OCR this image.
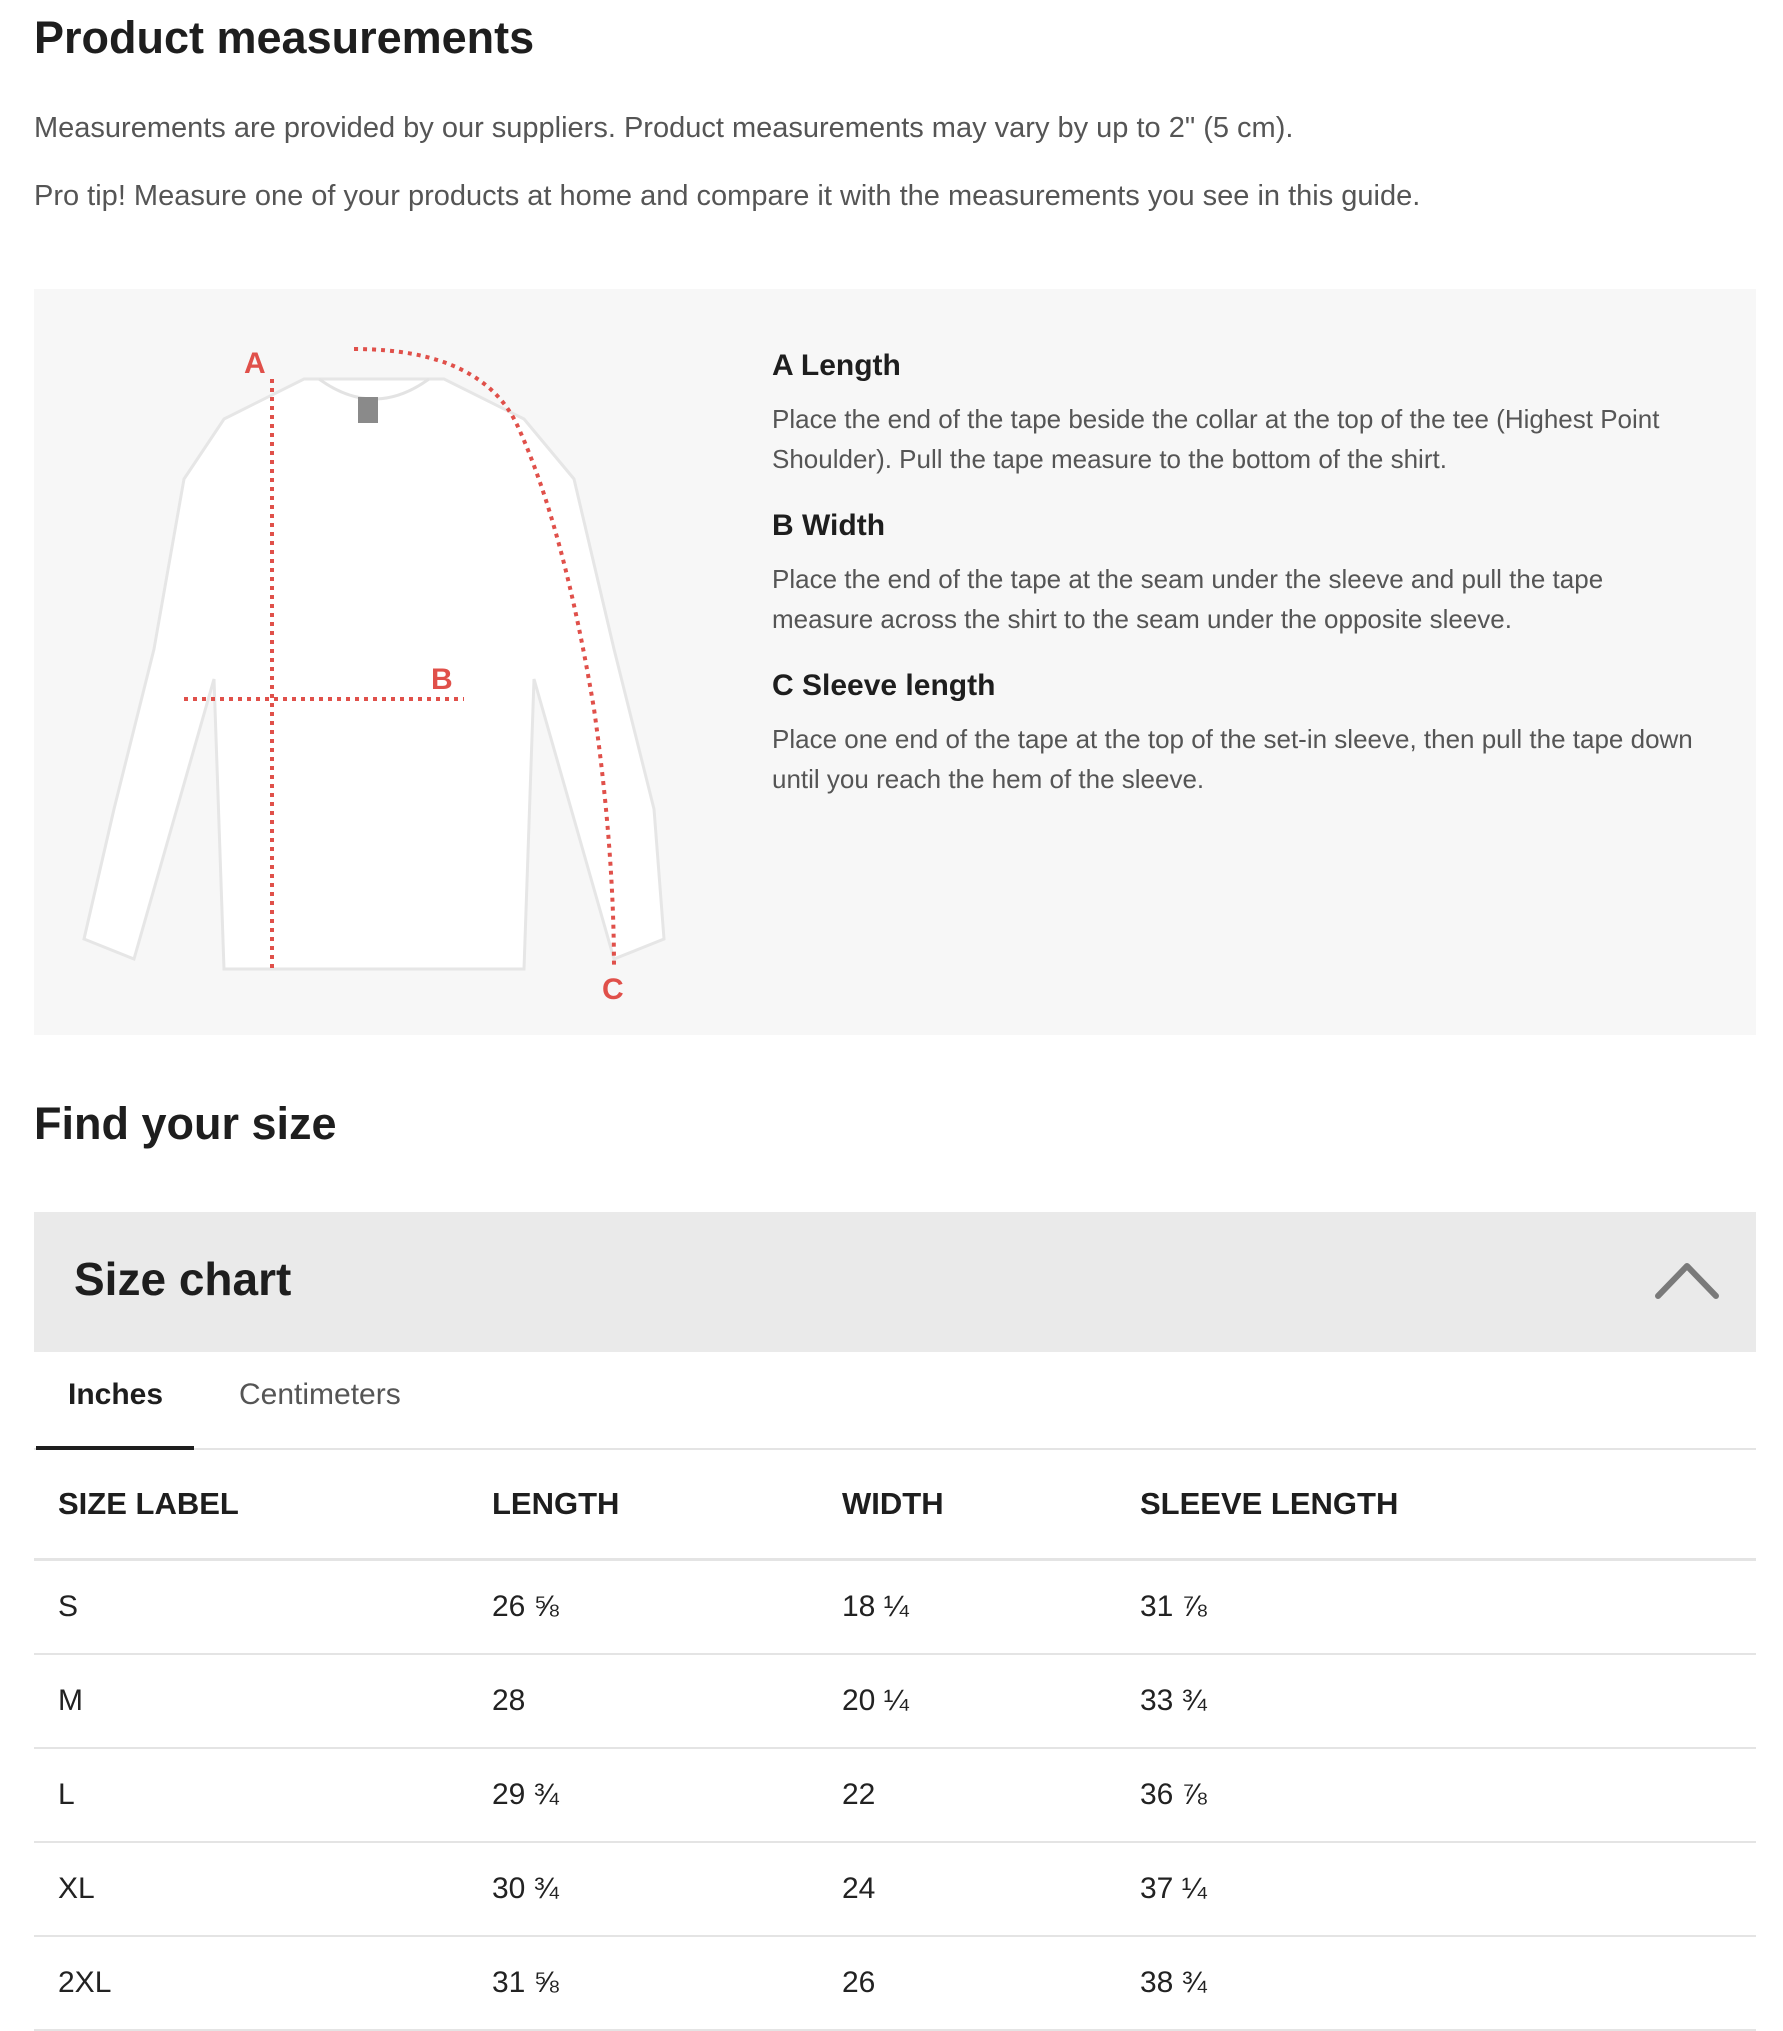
Product measurements

Measurements are provided by our suppliers. Product measurements may vary by up to 2" (5 cm).

Pro tip! Measure one of your products at home and compare it with the measurements you see in this guide.

A
B
C
A Length

Place the end of the tape beside the collar at the top of the tee (Highest Point Shoulder). Pull the tape measure to the bottom of the shirt.

B Width

Place the end of the tape at the seam under the sleeve and pull the tape measure across the shirt to the seam under the opposite sleeve.

C Sleeve length

Place one end of the tape at the top of the set-in sleeve, then pull the tape down until you reach the hem of the sleeve.

Find your size
Size chart
Inches	Centimeters
SIZE LABEL	LENGTH	WIDTH	SLEEVE LENGTH
S	26 ⅝	18 ¼	31 ⅞
M	28	20 ¼	33 ¾
L	29 ¾	22	36 ⅞
XL	30 ¾	24	37 ¼
2XL	31 ⅝	26	38 ¾
